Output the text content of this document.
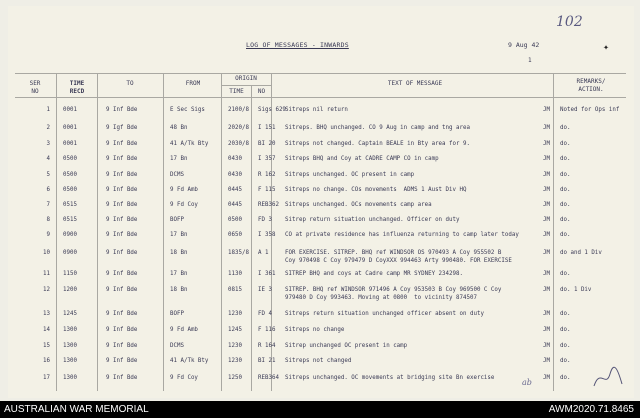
102
✦
LOG OF MESSAGES - INWARDS	9 Aug 42
1
SER
NO
TIME
RECD
TO	FROM
ORIGIN
TIME	NO
TEXT OF MESSAGE	REMARKS/
ACTION.
1 0001	9 Inf Bde	E Sec Sigs	2100/8 Sigs 629 Sitreps nil return	JM Noted for Ops inf
2 0001	9 Igf Bde	48 Bn	2020/8 I 151 Sitreps. BHQ unchanged. CO 9 Aug in camp and tng area	JM do.
3 0001	9 Inf Bde	41 A/Tk Bty	2030/8 BI 20 Sitreps not changed. Captain BEALE in Bty area for 9.	JM do.
4 0500	9 Inf Bde	17 Bn	0430	I 357 Sitreps BHQ and Coy at CADRE CAMP CO in camp	JM do.
5 0500	9 Inf Bde	DCMS	0430	R 162 Sitreps unchanged. OC present in camp	JM do.
6 0500	9 Inf Bde	9 Fd Amb	0445	F 115 Sitreps no change. COs movements  ADMS 1 Aust Div HQ	JM do.
7 0515	9 Inf Bde	9 Fd Coy	0445	REB362 Sitreps unchanged. OCs movements camp area	JM do.
8 0515	9 Inf Bde	BOFP	0500	FD 3 Sitrep return situation unchanged. Officer on duty	JM do.
9 0900	9 Inf Bde	17 Bn	0650	I 358 CO at private residence has influenza returning to camp later today	JM do.
10 0900	9 Inf Bde	18 Bn	1835/8 A 1	FOR EXERCISE. SITREP. BHQ ref WINDSOR OS 970493 A Coy 955502 B
Coy 970498 C Coy 979479 D CoyXXX 994463 Arty 990480. FOR EXERCISE
JM do and 1 Div
11 1150	9 Inf Bde	17 Bn	1130	I 361 SITREP BHQ and coys at Cadre camp MR SYDNEY 234298.	JM do.
12 1200	9 Inf Bde	18 Bn	0815	IE 3 SITREP. BHQ ref WINDSOR 971496 A Coy 953503 B Coy 969500 C Coy
979480 D Coy 993463. Moving at 0800  to vicinity 874507
JM do. 1 Div
13 1245	9 Inf Bde	BOFP	1230	FD 4 Sitreps return situation unchanged officer absent on duty	JM do.
14 1300	9 Inf Bde	9 Fd Amb	1245	F 116 Sitreps no change	JM do.
15 1300	9 Inf Bde	DCMS	1230	R 164 Sitrep unchanged OC present in camp	JM do.
16 1300	9 Inf Bde	41 A/Tk Bty	1230	BI 21 Sitreps not changed	JM do.
17 1300	9 Inf Bde	9 Fd Coy	1250	REB364 Sitreps unchanged. OC movements at bridging site Bn exercise	JM do.
ab
AUSTRALIAN WAR MEMORIAL	AWM2020.71.8465
